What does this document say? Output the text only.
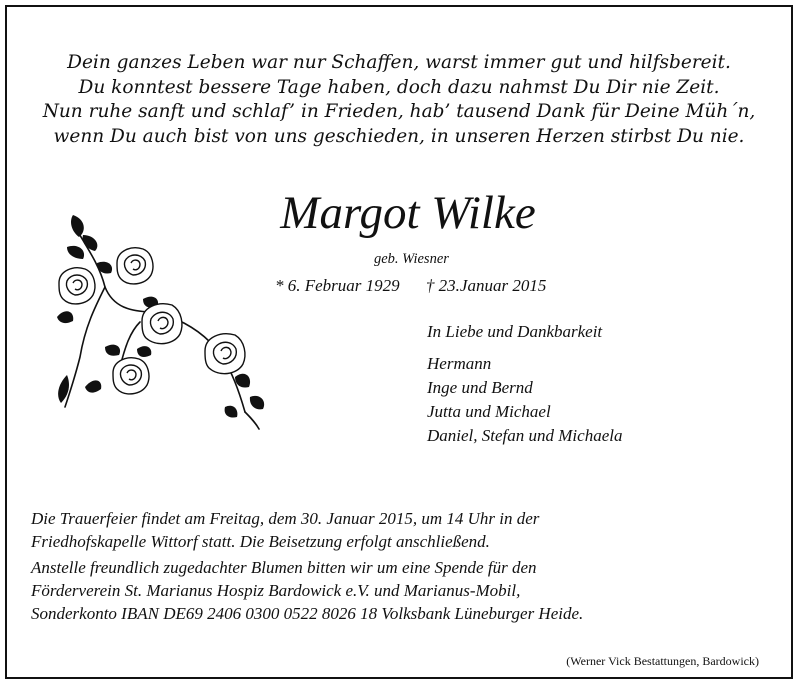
Dein ganzes Leben war nur Schaffen, warst immer gut und hilfsbereit.
Du konntest bessere Tage haben, doch dazu nahmst Du Dir nie Zeit.
Nun ruhe sanft und schlaf’ in Frieden, hab’ tausend Dank für Deine Müh´n,
wenn Du auch bist von uns geschieden, in unseren Herzen stirbst Du nie.
Margot Wilke
geb. Wiesner
* 6. Februar 1929 † 23.Januar 2015
In Liebe und Dankbarkeit
Hermann
Inge und Bernd
Jutta und Michael
Daniel, Stefan und Michaela
Die Trauerfeier findet am Freitag, dem 30. Januar 2015, um 14 Uhr in der
Friedhofskapelle Wittorf statt. Die Beisetzung erfolgt anschließend.
Anstelle freundlich zugedachter Blumen bitten wir um eine Spende für den
Förderverein St. Marianus Hospiz Bardowick e.V. und Marianus-Mobil,
Sonderkonto IBAN DE69 2406 0300 0522 8026 18 Volksbank Lüneburger Heide.
(Werner Vick Bestattungen, Bardowick)
